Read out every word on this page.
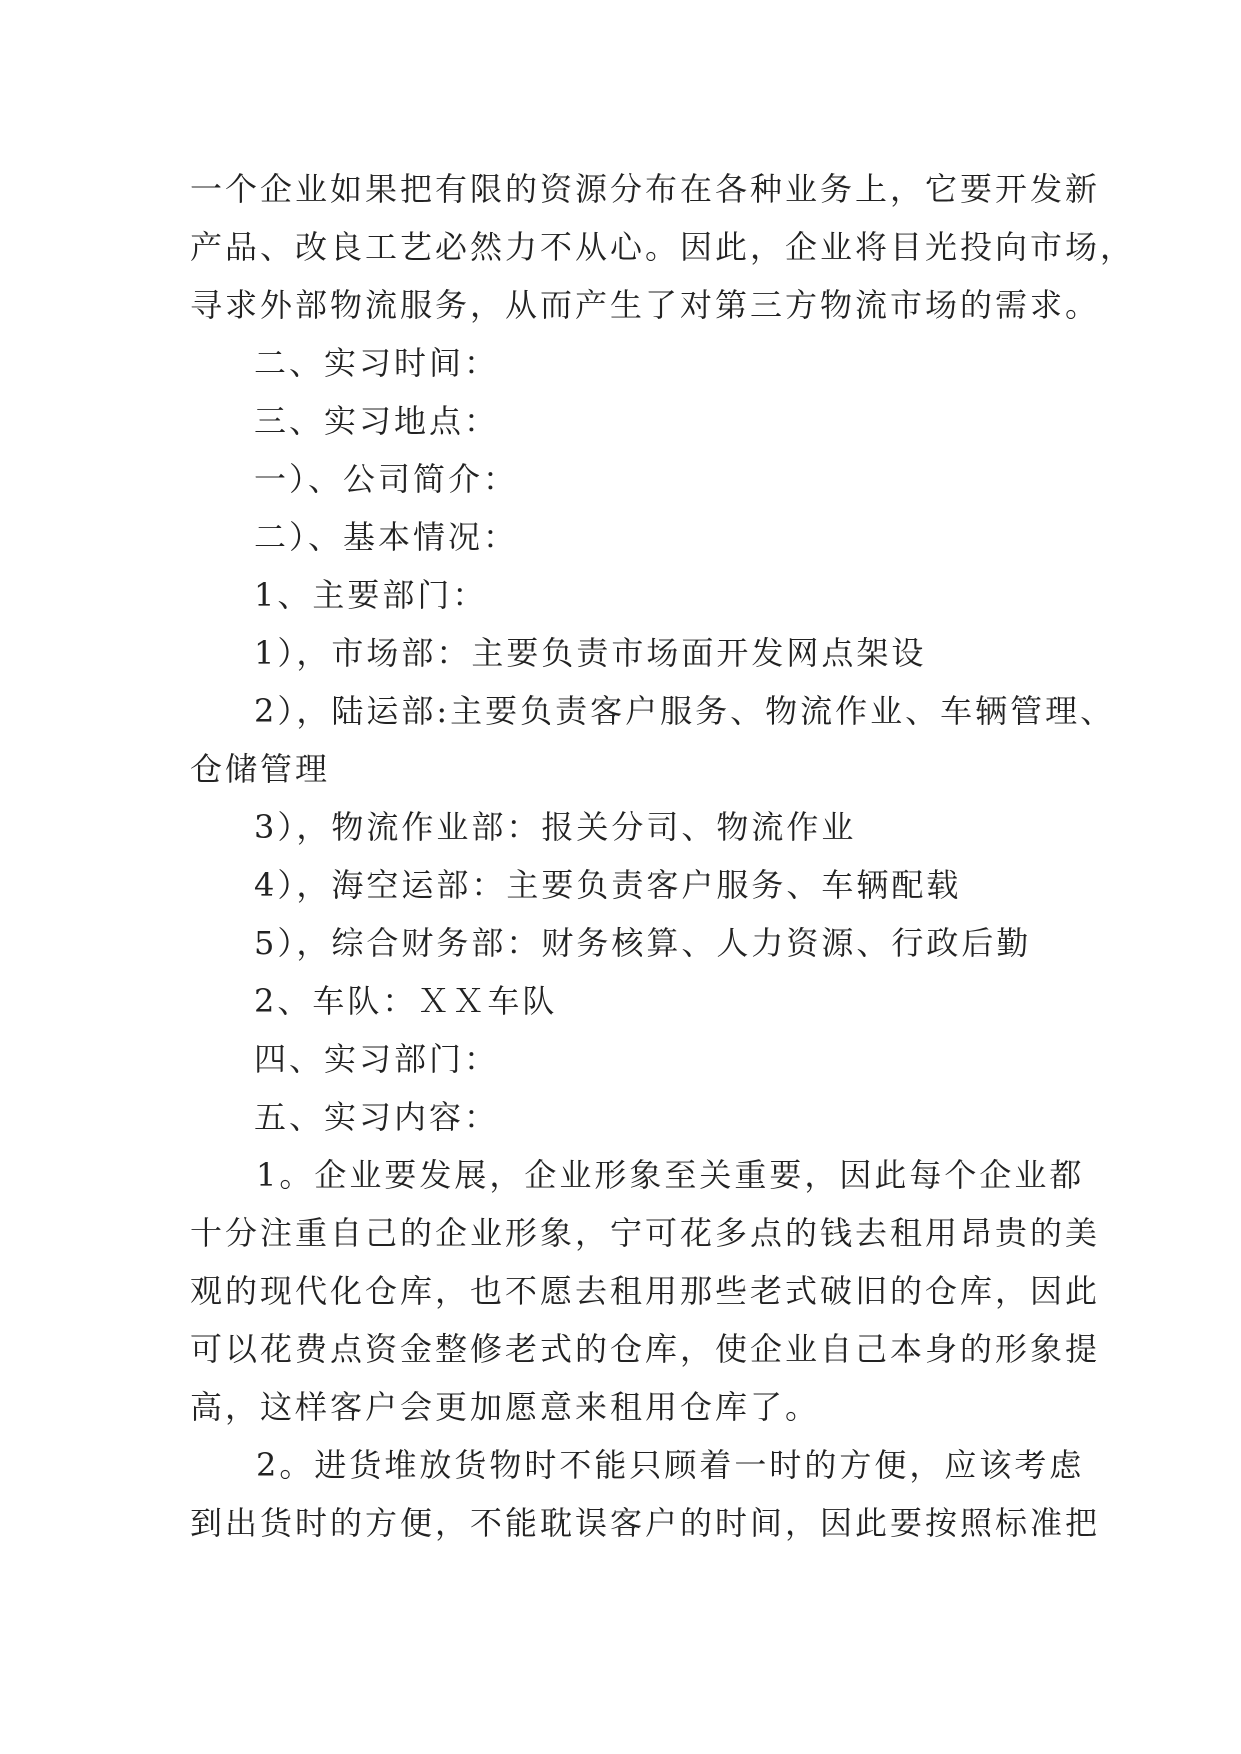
一个企业如果把有限的资源分布在各种业务上，它要开发新
产品、改良工艺必然力不从心。因此，企业将目光投向市场，
寻求外部物流服务，从而产生了对第三方物流市场的需求。
二、实习时间：
三、实习地点：
一）、公司简介：
二）、基本情况：
1、主要部门：
1），市场部：主要负责市场面开发网点架设
2），陆运部:主要负责客户服务、物流作业、车辆管理、
仓储管理
3），物流作业部：报关分司、物流作业
4），海空运部：主要负责客户服务、车辆配载
5），综合财务部：财务核算、人力资源、行政后勤
2、车队：ＸＸ车队
四、实习部门：
五、实习内容：
1。企业要发展，企业形象至关重要，因此每个企业都
十分注重自己的企业形象，宁可花多点的钱去租用昂贵的美
观的现代化仓库，也不愿去租用那些老式破旧的仓库，因此
可以花费点资金整修老式的仓库，使企业自己本身的形象提
高，这样客户会更加愿意来租用仓库了。
2。进货堆放货物时不能只顾着一时的方便，应该考虑
到出货时的方便，不能耽误客户的时间，因此要按照标准把
